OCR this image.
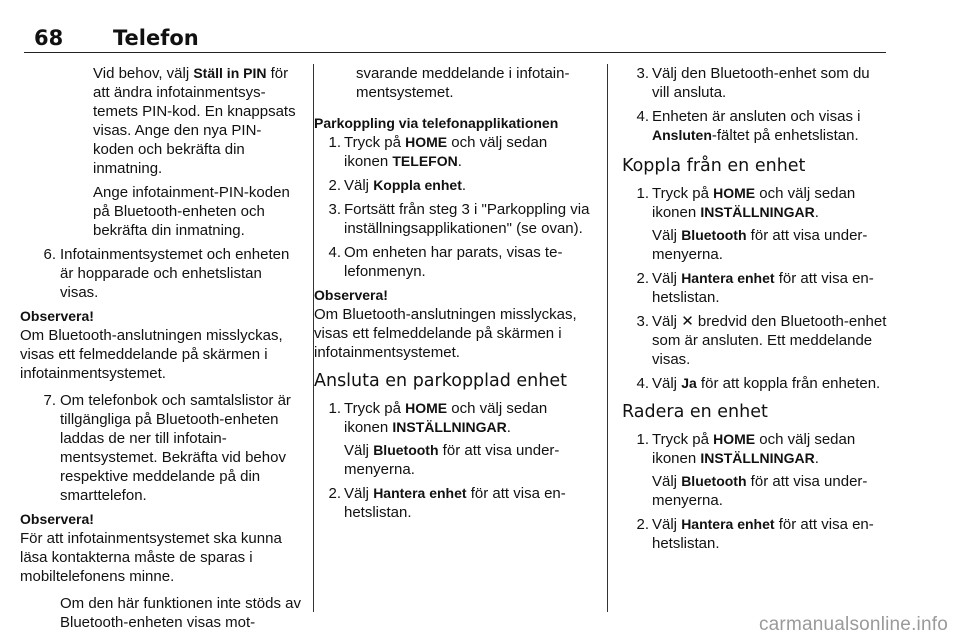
68 Telefon

Vid behov, välj Ställ in PIN för att ändra infotainmentsystemets PIN-kod. En knappsats visas. Ange den nya PIN-koden och bekräfta din inmatning.

Ange infotainment-PIN-koden på Bluetooth-enheten och bekräfta din inmatning.

6. Infotainmentsystemet och enheten är hopparade och enhetslistan visas.

Observera!

Om Bluetooth-anslutningen misslyckas, visas ett felmeddelande på skärmen i infotainmentsystemet.

7. Om telefonbok och samtalslistor är tillgängliga på Bluetooth-enheten laddas de ner till infotainmentsystemet. Bekräfta vid behov respektive meddelande på din smarttelefon.

Observera!

För att infotainmentsystemet ska kunna läsa kontakterna måste de sparas i mobiltelefonens minne.

Om den här funktionen inte stöds av Bluetooth-enheten visas mot-

svarande meddelande i infotainmentsystemet.

Parkoppling via telefonapplikationen

1. Tryck på HOME och välj sedan ikonen TELEFON.
2. Välj Koppla enhet.
3. Fortsätt från steg 3 i "Parkoppling via inställningsapplikationen" (se ovan).
4. Om enheten har parats, visas telefonmenyn.

Observera!

Om Bluetooth-anslutningen misslyckas, visas ett felmeddelande på skärmen i infotainmentsystemet.

Ansluta en parkopplad enhet
1. Tryck på HOME och välj sedan ikonen INSTÄLLNINGAR.
Välj Bluetooth för att visa undermenyerna.
2. Välj Hantera enhet för att visa enhetslistan.
3. Välj den Bluetooth-enhet som du vill ansluta.
4. Enheten är ansluten och visas i Ansluten-fältet på enhetslistan.
Koppla från en enhet
1. Tryck på HOME och välj sedan ikonen INSTÄLLNINGAR.
Välj Bluetooth för att visa undermenyerna.
2. Välj Hantera enhet för att visa enhetslistan.
3. Välj ✕ bredvid den Bluetooth-enhet som är ansluten. Ett meddelande visas.
4. Välj Ja för att koppla från enheten.
Radera en enhet
1. Tryck på HOME och välj sedan ikonen INSTÄLLNINGAR.
Välj Bluetooth för att visa undermenyerna.
2. Välj Hantera enhet för att visa enhetslistan.
carmanualsonline.info
